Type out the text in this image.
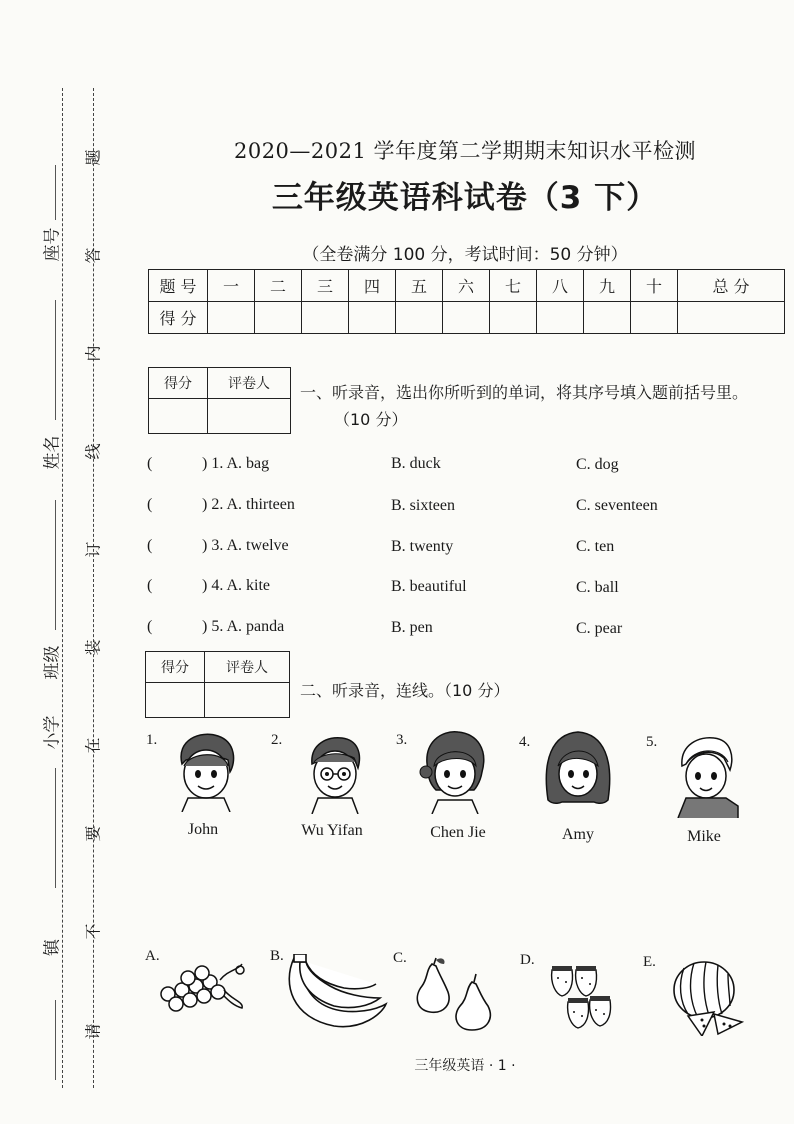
座号
姓名
班级
小学
镇
题
答
内
线
订
装
在
要
不
请
2020—2021 学年度第二学期期末知识水平检测
三年级英语科试卷（3 下）
（全卷满分 100 分，考试时间：50 分钟）
题 号	一	二	三	四	五	六	七	八	九	十	总 分
得 分											
得分	评卷人
	一、听录音，选出你所听到的单词，将其序号填入题前括号里。
（10 分）
(	) 1. A. bag	B. duck	C. dog
(	) 2. A. thirteen	B. sixteen	C. seventeen
(	) 3. A. twelve	B. twenty	C. ten
(	) 4. A. kite	B. beautiful	C. ball
(	) 5. A. panda	B. pen	C. pear
得分	评卷人

二、听录音，连线。（10 分）
1.
John
2.
Wu Yifan
3.
Chen Jie
4.
Amy
5.
Mike
A.	B.	C.	D.	E.
三年级英语 · 1 ·
